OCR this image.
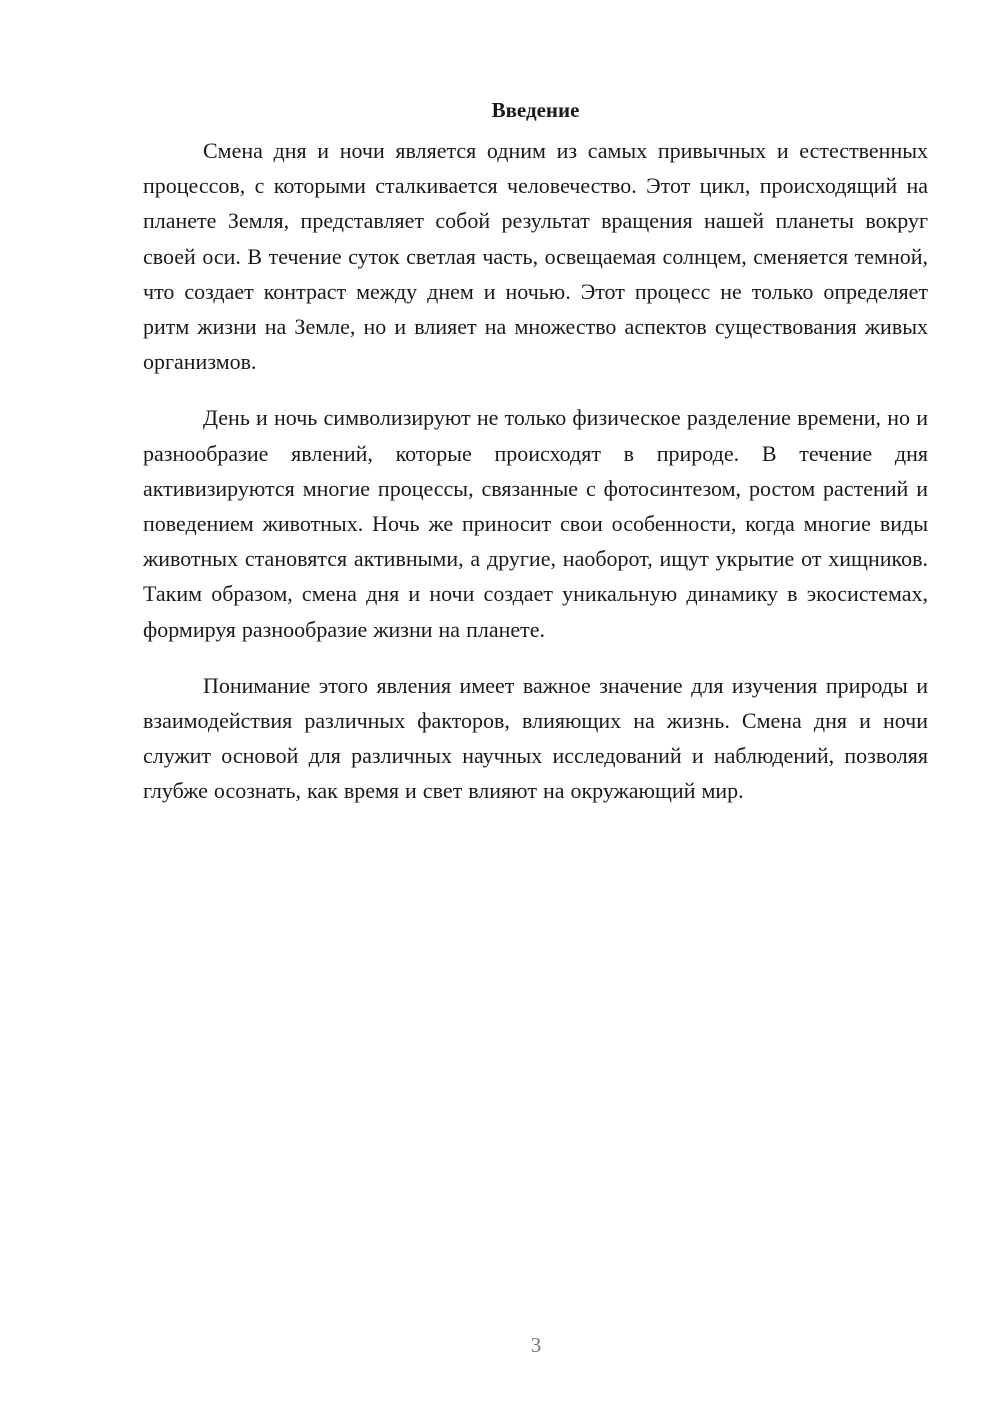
Введение

Смена дня и ночи является одним из самых привычных и естественных процессов, с которыми сталкивается человечество. Этот цикл, происходящий на планете Земля, представляет собой результат вращения нашей планеты вокруг своей оси. В течение суток светлая часть, освещаемая солнцем, сменяется темной, что создает контраст между днем и ночью. Этот процесс не только определяет ритм жизни на Земле, но и влияет на множество аспектов существования живых организмов.

День и ночь символизируют не только физическое разделение времени, но и разнообразие явлений, которые происходят в природе. В течение дня активизируются многие процессы, связанные с фотосинтезом, ростом растений и поведением животных. Ночь же приносит свои особенности, когда многие виды животных становятся активными, а другие, наоборот, ищут укрытие от хищников. Таким образом, смена дня и ночи создает уникальную динамику в экосистемах, формируя разнообразие жизни на планете.

Понимание этого явления имеет важное значение для изучения природы и взаимодействия различных факторов, влияющих на жизнь. Смена дня и ночи служит основой для различных научных исследований и наблюдений, позволяя глубже осознать, как время и свет влияют на окружающий мир.

3
